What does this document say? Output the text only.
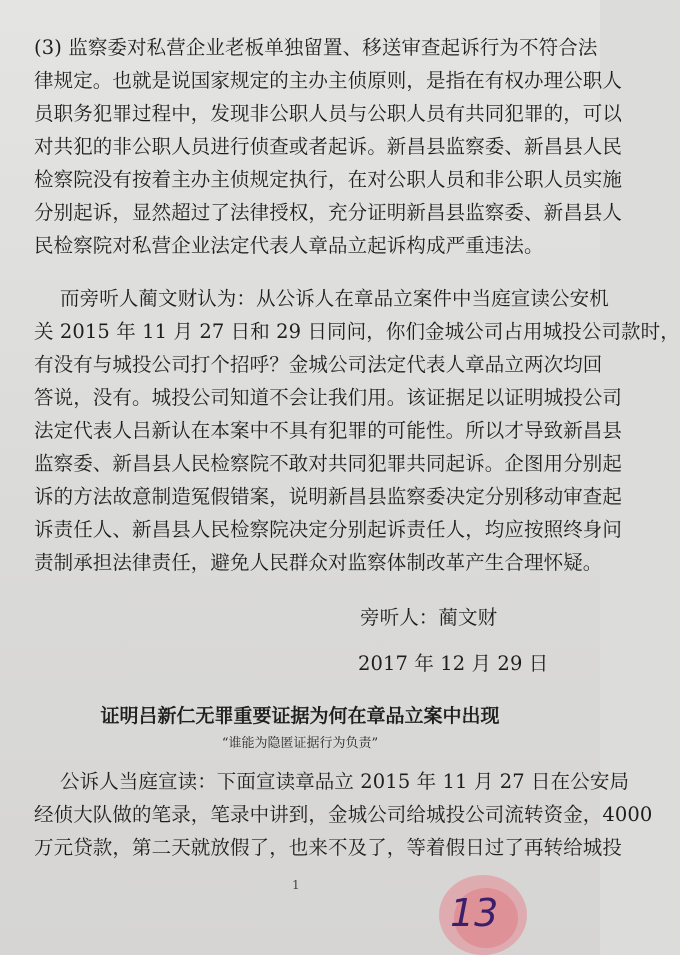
(3) 监察委对私营企业老板单独留置、移送审查起诉行为不符合法
律规定。也就是说国家规定的主办主侦原则，是指在有权办理公职人
员职务犯罪过程中，发现非公职人员与公职人员有共同犯罪的，可以
对共犯的非公职人员进行侦查或者起诉。新昌县监察委、新昌县人民
检察院没有按着主办主侦规定执行，在对公职人员和非公职人员实施
分别起诉，显然超过了法律授权，充分证明新昌县监察委、新昌县人
民检察院对私营企业法定代表人章品立起诉构成严重违法。
而旁听人蔺文财认为：从公诉人在章品立案件中当庭宣读公安机
关 2015 年 11 月 27 日和 29 日同问，你们金城公司占用城投公司款时，
有没有与城投公司打个招呼？金城公司法定代表人章品立两次均回
答说，没有。城投公司知道不会让我们用。该证据足以证明城投公司
法定代表人吕新认在本案中不具有犯罪的可能性。所以才导致新昌县
监察委、新昌县人民检察院不敢对共同犯罪共同起诉。企图用分别起
诉的方法故意制造冤假错案，说明新昌县监察委决定分别移动审查起
诉责任人、新昌县人民检察院决定分别起诉责任人，均应按照终身问
责制承担法律责任，避免人民群众对监察体制改革产生合理怀疑。
旁听人：蔺文财
2017 年 12 月 29 日
证明吕新仁无罪重要证据为何在章品立案中出现
“谁能为隐匿证据行为负责”
公诉人当庭宣读：下面宣读章品立 2015 年 11 月 27 日在公安局
经侦大队做的笔录，笔录中讲到，金城公司给城投公司流转资金，4000
万元贷款，第二天就放假了，也来不及了，等着假日过了再转给城投
1
13
